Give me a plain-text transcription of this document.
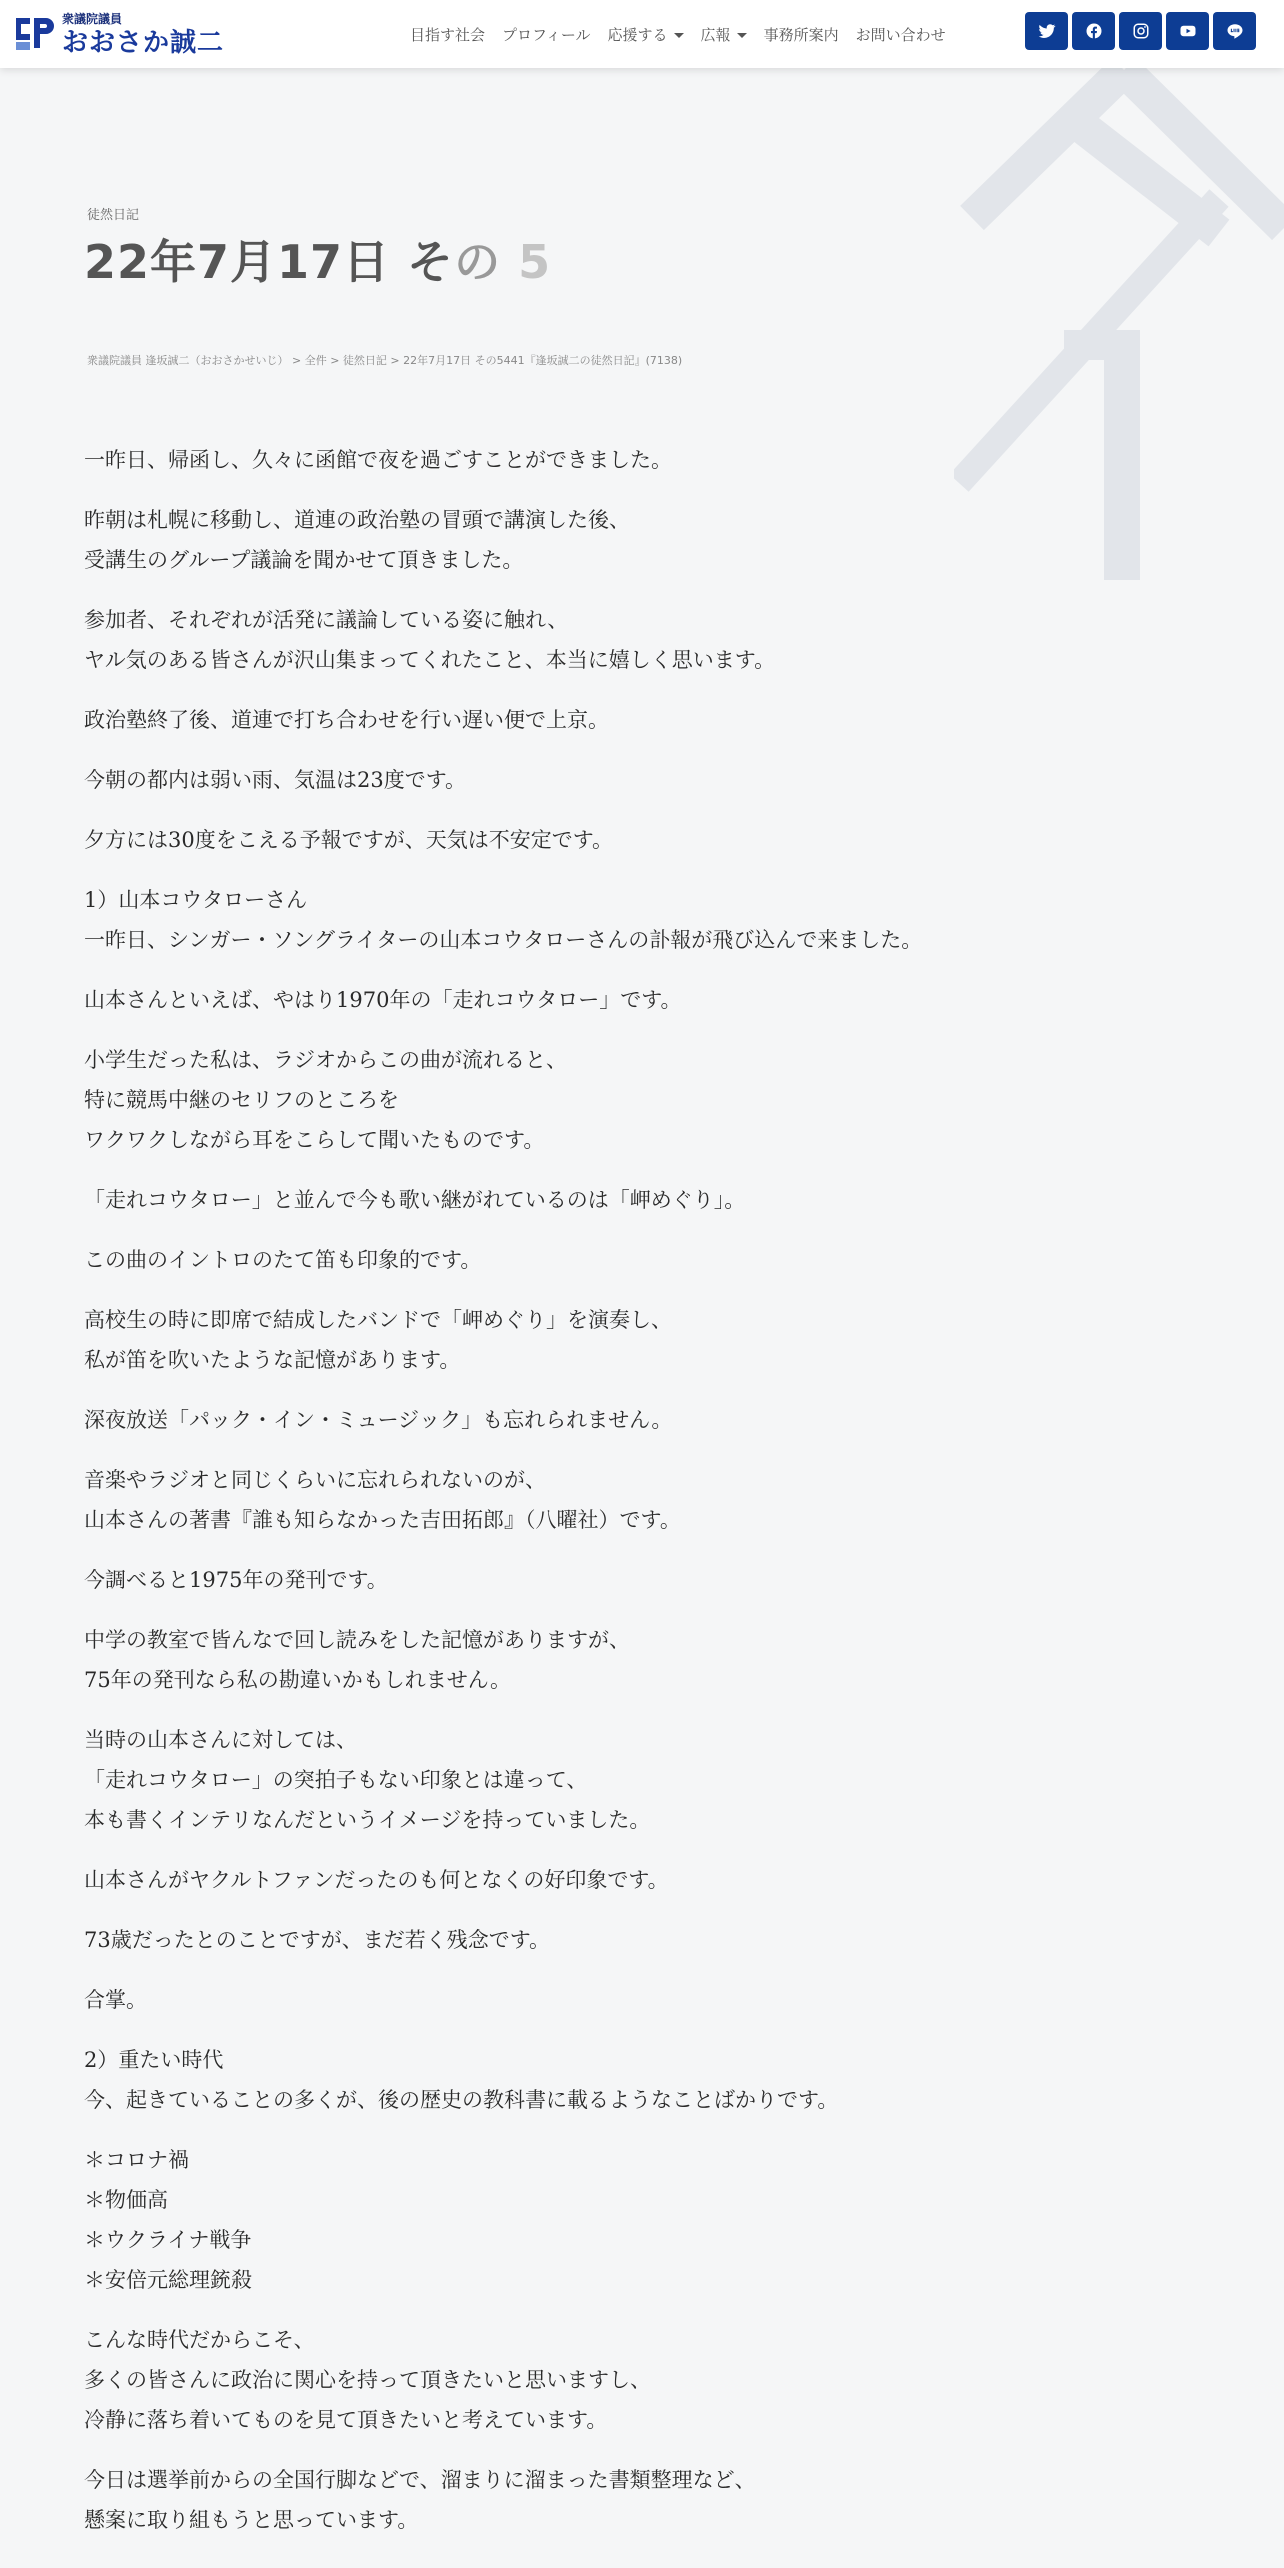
衆議院議員
おおさか誠二	目指す社会 プロフィール 応援する	広報	事務所案内 お問い合わせ
徒然日記
22年7月17日 その 5
衆議院議員 逢坂誠二（おおさかせいじ） > 全件 > 徒然日記 > 22年7月17日 その5441『逢坂誠二の徒然日記』(7138)

一昨日、帰函し、久々に函館で夜を過ごすことができました。

昨朝は札幌に移動し、道連の政治塾の冒頭で講演した後、
受講生のグループ議論を聞かせて頂きました。

参加者、それぞれが活発に議論している姿に触れ、
ヤル気のある皆さんが沢山集まってくれたこと、本当に嬉しく思います。

政治塾終了後、道連で打ち合わせを行い遅い便で上京。

今朝の都内は弱い雨、気温は23度です。

夕方には30度をこえる予報ですが、天気は不安定です。

1）山本コウタローさん
一昨日、シンガー・ソングライターの山本コウタローさんの訃報が飛び込んで来ました。

山本さんといえば、やはり1970年の「走れコウタロー」です。

小学生だった私は、ラジオからこの曲が流れると、
特に競馬中継のセリフのところを
ワクワクしながら耳をこらして聞いたものです。

「走れコウタロー」と並んで今も歌い継がれているのは「岬めぐり」。

この曲のイントロのたて笛も印象的です。

高校生の時に即席で結成したバンドで「岬めぐり」を演奏し、
私が笛を吹いたような記憶があります。

深夜放送「パック・イン・ミュージック」も忘れられません。

音楽やラジオと同じくらいに忘れられないのが、
山本さんの著書『誰も知らなかった吉田拓郎』（八曜社）です。

今調べると1975年の発刊です。

中学の教室で皆んなで回し読みをした記憶がありますが、
75年の発刊なら私の勘違いかもしれません。

当時の山本さんに対しては、
「走れコウタロー」の突拍子もない印象とは違って、
本も書くインテリなんだというイメージを持っていました。

山本さんがヤクルトファンだったのも何となくの好印象です。

73歳だったとのことですが、まだ若く残念です。

合掌。

2）重たい時代
今、起きていることの多くが、後の歴史の教科書に載るようなことばかりです。

＊コロナ禍
＊物価高
＊ウクライナ戦争
＊安倍元総理銃殺

こんな時代だからこそ、
多くの皆さんに政治に関心を持って頂きたいと思いますし、
冷静に落ち着いてものを見て頂きたいと考えています。

今日は選挙前からの全国行脚などで、溜まりに溜まった書類整理など、
懸案に取り組もうと思っています。
